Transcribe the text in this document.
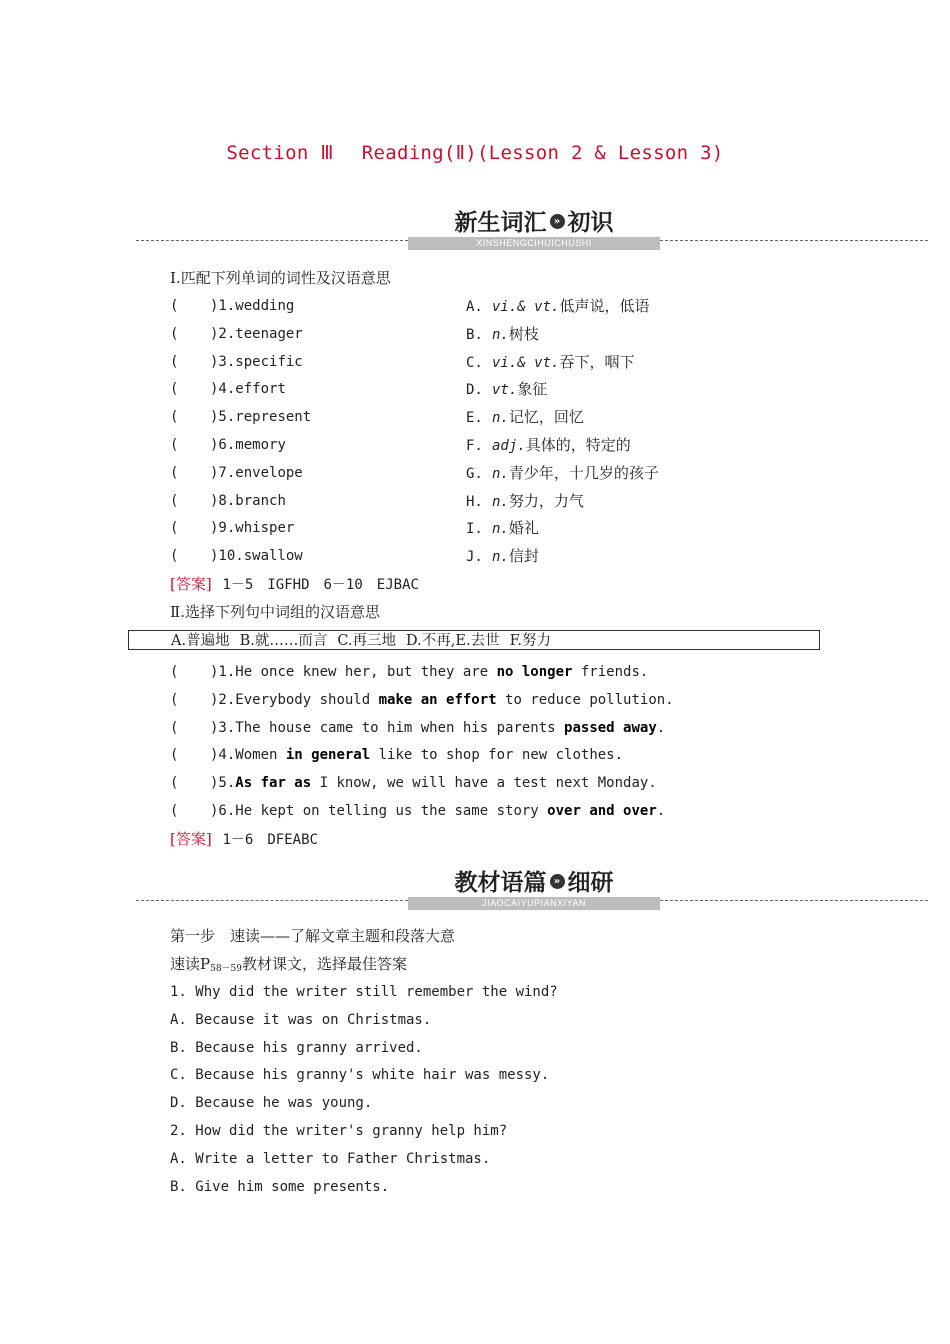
Section Ⅲ Reading(Ⅱ)(Lesson 2 & Lesson 3)
XINSHENGCIHUICHUSHI
新生词汇 » 初识
Ⅰ.匹配下列单词的词性及汉语意思
( )1.wedding
( )2.teenager
( )3.specific
( )4.effort
( )5.represent
( )6.memory
( )7.envelope
( )8.branch
( )9.whisper
( )10.swallow
A. vi.& vt.低声说，低语
B. n.树枝
C. vi.& vt.吞下，咽下
D. vt.象征
E. n.记忆，回忆
F. adj.具体的，特定的
G. n.青少年，十几岁的孩子
H. n.努力，力气
I. n.婚礼
J. n.信封
[答案] 1－5　IGFHD　6－10　EJBAC
Ⅱ.选择下列句中词组的汉语意思
A.普遍地 B.就……而言 C.再三地 D.不再,E.去世 F.努力
( )1.He once knew her, but they are no longer friends.
( )2.Everybody should make an effort to reduce pollution.
( )3.The house came to him when his parents passed away.
( )4.Women in general like to shop for new clothes.
( )5.As far as I know, we will have a test next Monday.
( )6.He kept on telling us the same story over and over.
[答案] 1－6　DFEABC
JIAOCAIYUPIANXIYAN
教材语篇 » 细研
第一步　速读——了解文章主题和段落大意
速读$P_{58-59}$教材课文，选择最佳答案
1. Why did the writer still remember the wind?
A. Because it was on Christmas.
B. Because his granny arrived.
C. Because his granny's white hair was messy.
D. Because he was young.
2. How did the writer's granny help him?
A. Write a letter to Father Christmas.
B. Give him some presents.
